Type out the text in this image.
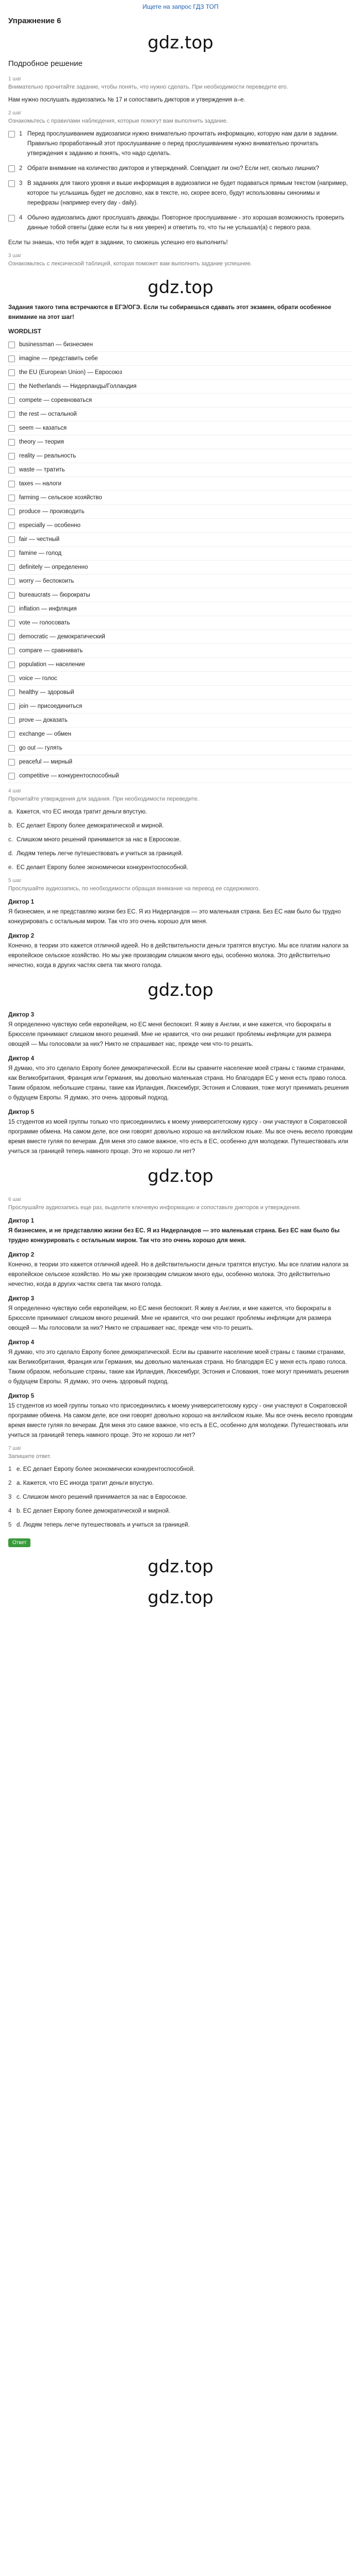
Ищете на запрос ГДЗ ТОП
Упражнение 6
gdz.top
Подробное решение
1 шаг
Внимательно прочитайте задание, чтобы понять, что нужно сделать. При необходимости переведите его.
Нам нужно послушать аудиозапись № 17 и сопоставить дикторов и утверждения a–e.
2 шаг
Ознакомьтесь с правилами наблюдения, которые помогут вам выполнить задание.
1 Перед прослушиванием аудиозаписи нужно внимательно прочитать информацию, которую нам дали в задании. Правильно проработанный этот прослушивание о перед прослушиванием нужно внимательно прочитать утверждения к заданию и понять, что надо сделать.
2 Обрати внимание на количество дикторов и утверждений. Совпадает ли оно? Если нет, сколько лишних?
3 В заданиях для такого уровня и выше информация в аудиозаписи не будет подаваться прямым текстом (например, которое ты услышишь будет не дословно, как в тексте, но, скорее всего, будут использованы синонимы и перефразы (например every day - daily).
4 Обычно аудиозапись дают прослушать дважды. Повторное прослушивание - это хорошая возможность проверить данные тобой ответы (даже если ты в них уверен) и ответить то, что ты не услышал(а) с первого раза.
Если ты знаешь, что тебя ждет в задании, то сможешь успешно его выполнить!
3 шаг
Ознакомьтесь с лексической таблицей, которая поможет вам выполнить задание успешнее.
gdz.top
Задания такого типа встречаются в ЕГЭ/ОГЭ. Если ты собираешься сдавать этот экзамен, обрати особенное внимание на этот шаг!
WORDLIST
businessman — бизнесмен
imagine — представить себе
the EU (European Union) — Евросоюз
the Netherlands — Нидерланды/Голландия
compete — соревноваться
the rest — остальной
seem — казаться
theory — теория
reality — реальность
waste — тратить
taxes — налоги
farming — сельское хозяйство
produce — производить
especially — особенно
fair — честный
famine — голод
definitely — определенно
worry — беспокоить
bureaucrats — бюрократы
inflation — инфляция
vote — голосовать
democratic — демократический
compare — сравнивать
population — население
voice — голос
healthy — здоровый
join — присоединиться
prove — доказать
exchange — обмен
go out — гулять
peaceful — мирный
competitive — конкурентоспособный
4 шаг
Прочитайте утверждения для задания. При необходимости переведите.
a. Кажется, что ЕС иногда тратит деньги впустую.
b. ЕС делает Европу более демократической и мирной.
c. Слишком много решений принимается за нас в Евросоюзе.
d. Людям теперь легче путешествовать и учиться за границей.
e. ЕС делает Европу более экономически конкурентоспособной.
5 шаг
Прослушайте аудиозапись, по необходимости обращая внимание на перевод ее содержимого.
Диктор 1
Я бизнесмен, и не представляю жизни без ЕС. Я из Нидерландов — это маленькая страна. Без ЕС нам было бы трудно конкурировать с остальным миром. Так что это очень хорошо для меня.
Диктор 2
Конечно, в теории это кажется отличной идеей. Но в действительности деньги тратятся впустую. Мы все платим налоги за европейское сельское хозяйство. Но мы уже производим слишком много еды, особенно молока. Это действительно нечестно, когда в других частях света так много голода.
gdz.top
Диктор 3
Я определенно чувствую себя европейцем, но ЕС меня беспокоит. Я живу в Англии, и мне кажется, что бюрократы в Брюсселе принимают слишком много решений. Мне не нравится, что они решают проблемы инфляции для размера овощей — Мы голосовали за них? Никто не спрашивает нас, прежде чем что-то решить.
Диктор 4
Я думаю, что это сделало Европу более демократической. Если вы сравните население моей страны с такими странами, как Великобритания, Франция или Германия, мы довольно маленькая страна. Но благодаря ЕС у меня есть право голоса. Таким образом, небольшие страны, такие как Ирландия, Люксембург, Эстония и Словакия, тоже могут принимать решения о будущем Европы. Я думаю, это очень здоровый подход.
Диктор 5
15 студентов из моей группы только что присоединились к моему университетскому курсу - они участвуют в Сократовской программе обмена. На самом деле, все они говорят довольно хорошо на английском языке. Мы все очень весело проводим время вместе гуляя по вечерам. Для меня это самое важное, что есть в ЕС, особенно для молодежи. Путешествовать или учиться за границей теперь намного проще. Это не хорошо ли нет?
gdz.top
6 шаг
Прослушайте аудиозапись еще раз, выделите ключевую информацию и сопоставьте дикторов и утверждения.
Диктор 1
Я бизнесмен, и не представляю жизни без ЕС. Я из Нидерландов — это маленькая страна. Без ЕС нам было бы трудно конкурировать с остальным миром. Так что это очень хорошо для меня.
Диктор 2
Конечно, в теории это кажется отличной идеей. Но в действительности деньги тратятся впустую. Мы все платим налоги за европейское сельское хозяйство. Но мы уже производим слишком много еды, особенно молока. Это действительно нечестно, когда в других частях света так много голода.
Диктор 3
Я определенно чувствую себя европейцем, но ЕС меня беспокоит. Я живу в Англии, и мне кажется, что бюрократы в Брюсселе принимают слишком много решений. Мне не нравится, что они решают проблемы инфляции для размера овощей — Мы голосовали за них? Никто не спрашивает нас, прежде чем что-то решить.
Диктор 4
Я думаю, что это сделало Европу более демократической. Если вы сравните население моей страны с такими странами, как Великобритания, Франция или Германия, мы довольно маленькая страна. Но благодаря ЕС у меня есть право голоса. Таким образом, небольшие страны, такие как Ирландия, Люксембург, Эстония и Словакия, тоже могут принимать решения о будущем Европы. Я думаю, это очень здоровый подход.
Диктор 5
15 студентов из моей группы только что присоединились к моему университетскому курсу - они участвуют в Сократовской программе обмена. На самом деле, все они говорят довольно хорошо на английском языке. Мы все очень весело проводим время вместе гуляя по вечерам. Для меня это самое важное, что есть в ЕС, особенно для молодежи. Путешествовать или учиться за границей теперь намного проще. Это не хорошо ли нет?
7 шаг
Запишите ответ.
1 e. ЕС делает Европу более экономически конкурентоспособной.
2 a. Кажется, что ЕС иногда тратит деньги впустую.
3 c. Слишком много решений принимается за нас в Евросоюзе.
4 b. ЕС делает Европу более демократической и мирной.
5 d. Людям теперь легче путешествовать и учиться за границей.
Ответ
gdz.top
gdz.top
